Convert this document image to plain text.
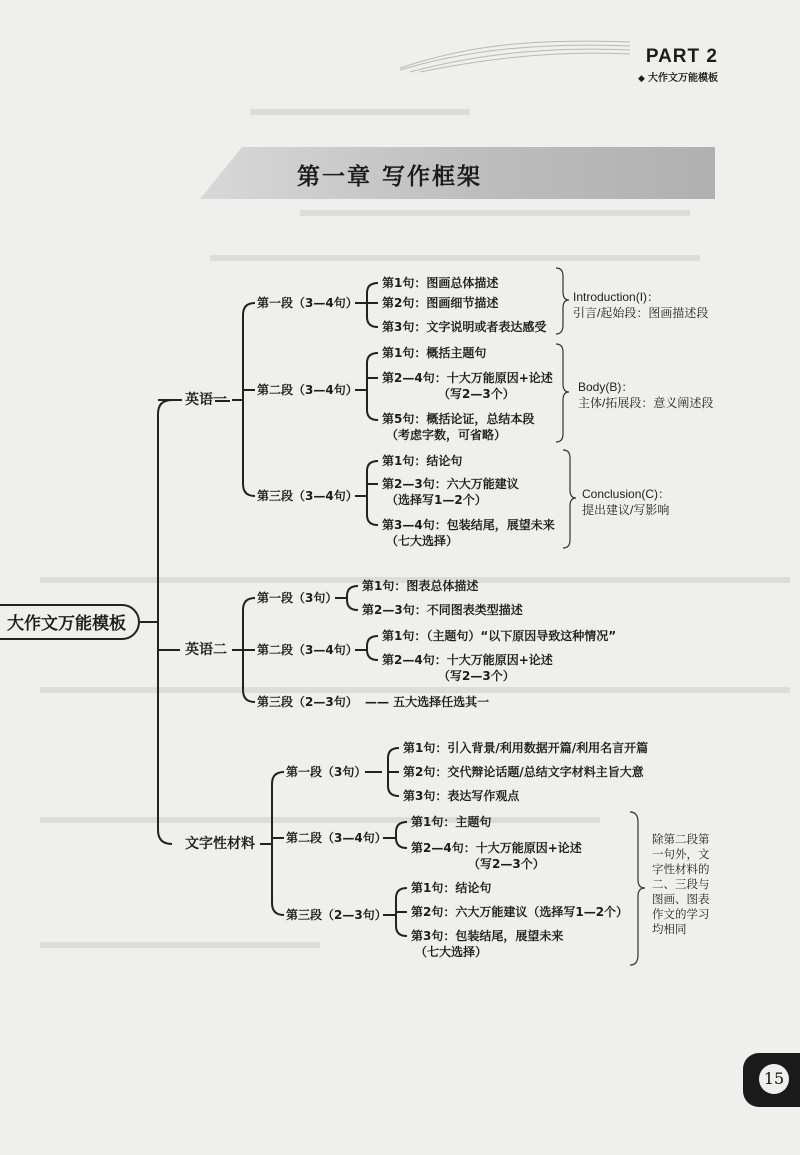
PART 2
◆ 大作文万能模板
第一章 写作框架
大作文万能模板
英语一
英语二
文字性材料
第一段（3—4句）
第1句：图画总体描述
第2句：图画细节描述
第3句：文字说明或者表达感受
第二段（3—4句）
第1句：概括主题句
第2—4句：十大万能原因+论述
（写2—3个）
第5句：概括论证，总结本段
（考虑字数，可省略）
第三段（3—4句）
第1句：结论句
第2—3句：六大万能建议
（选择写1—2个）
第3—4句：包装结尾，展望未来
（七大选择）
Introduction(I)：
引言/起始段：图画描述段
Body(B)：
主体/拓展段：意义阐述段
Conclusion(C)：
提出建议/写影响
第一段（3句）
第1句：图表总体描述
第2—3句：不同图表类型描述
第二段（3—4句）
第1句：（主题句）“以下原因导致这种情况”
第2—4句：十大万能原因+论述
（写2—3个）
第三段（2—3句） —— 五大选择任选其一
第一段（3句）
第1句：引入背景/利用数据开篇/利用名言开篇
第2句：交代辩论话题/总结文字材料主旨大意
第3句：表达写作观点
第二段（3—4句）
第1句：主题句
第2—4句：十大万能原因+论述
（写2—3个）
第三段（2—3句）
第1句：结论句
第2句：六大万能建议（选择写1—2个）
第3句：包装结尾，展望未来
（七大选择）
除第二段第
一句外，文
字性材料的
二、三段与
图画、图表
作文的学习
均相同
15
